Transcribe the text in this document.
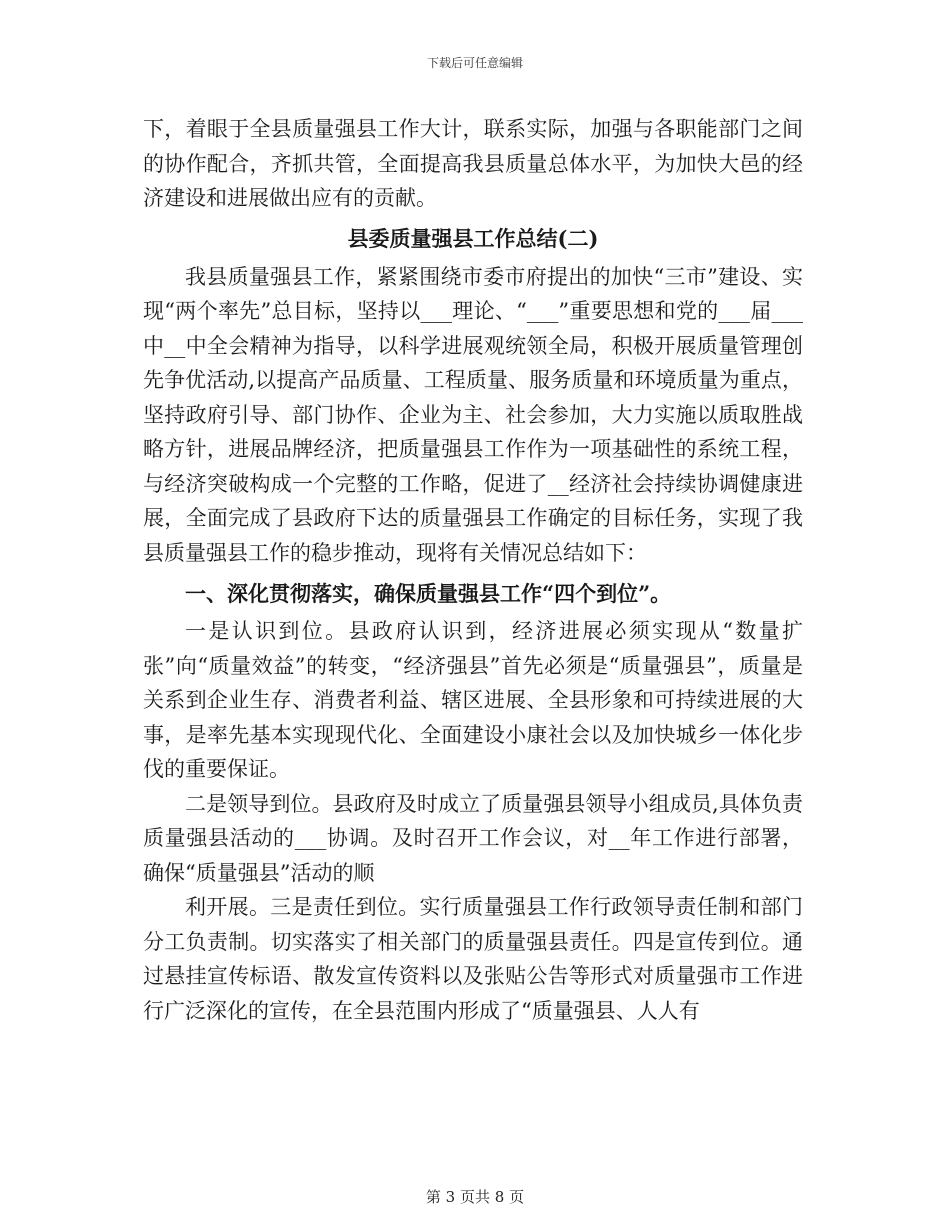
下载后可任意编辑

下，着眼于全县质量强县工作大计，联系实际，加强与各职能部门之间的协作配合，齐抓共管，全面提高我县质量总体水平，为加快大邑的经济建设和进展做出应有的贡献。

县委质量强县工作总结(二)

我县质量强县工作，紧紧围绕市委市府提出的加快“三市”建设、实现“两个率先”总目标，坚持以___理论、“___”重要思想和党的___届___中__中全会精神为指导，以科学进展观统领全局，积极开展质量管理创先争优活动,以提高产品质量、工程质量、服务质量和环境质量为重点，坚持政府引导、部门协作、企业为主、社会参加，大力实施以质取胜战略方针，进展品牌经济，把质量强县工作作为一项基础性的系统工程，与经济突破构成一个完整的工作略，促进了__经济社会持续协调健康进展，全面完成了县政府下达的质量强县工作确定的目标任务，实现了我县质量强县工作的稳步推动，现将有关情况总结如下：

一、深化贯彻落实，确保质量强县工作“四个到位”。

一是认识到位。县政府认识到，经济进展必须实现从“数量扩张”向“质量效益”的转变，“经济强县”首先必须是“质量强县”，质量是关系到企业生存、消费者利益、辖区进展、全县形象和可持续进展的大事，是率先基本实现现代化、全面建设小康社会以及加快城乡一体化步伐的重要保证。

二是领导到位。县政府及时成立了质量强县领导小组成员,具体负责质量强县活动的___协调。及时召开工作会议，对__年工作进行部署，确保“质量强县”活动的顺

利开展。三是责任到位。实行质量强县工作行政领导责任制和部门分工负责制。切实落实了相关部门的质量强县责任。四是宣传到位。通过悬挂宣传标语、散发宣传资料以及张贴公告等形式对质量强市工作进行广泛深化的宣传，在全县范围内形成了“质量强县、人人有

第 3 页共 8 页
